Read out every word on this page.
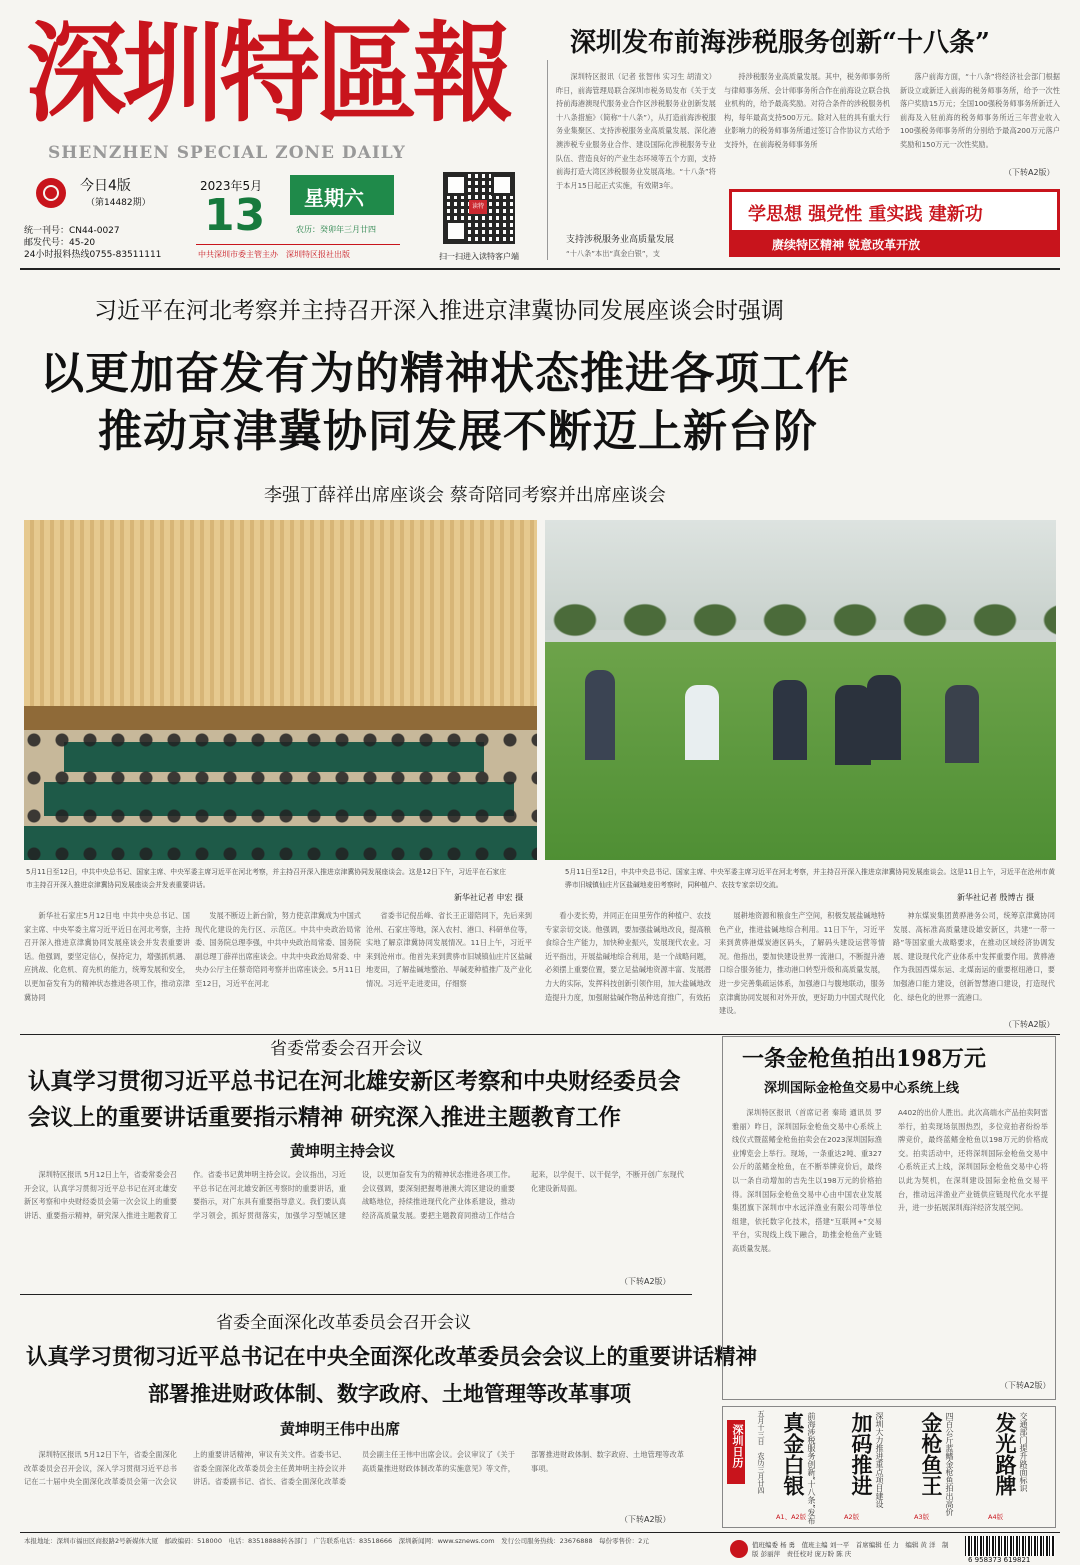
深圳特區報
SHENZHEN SPECIAL ZONE DAILY
今日4版
（第14482期）
统一刊号：CN44-0027
邮发代号：45-20
24小时报料热线0755-83511111
2023年5月
13 星期六
农历：癸卯年三月廿四
中共深圳市委主管主办　深圳特区报社出版
读特
扫一扫进入读特客户端
深圳发布前海涉税服务创新“十八条”
深圳特区报讯（记者 张智伟 实习生 胡清文）昨日，前海管理局联合深圳市税务局发布《关于支持前海港澳现代服务业合作区涉税服务业创新发展十八条措施》（简称“十八条”），从打造前海涉税服务业集聚区、支持涉税服务业高质量发展、深化港澳涉税专业服务业合作、建设国际化涉税服务专业队伍、营造良好的产业生态环境等五个方面，支持前海打造大湾区涉税服务业发展高地。“十八条”将于本月15日起正式实施，有效期3年。
支持涉税服务业高质量发展
“十八条”本出“真金白银”，支
持涉税服务业高质量发展。其中，税务师事务所与律师事务所、会计师事务所合作在前海设立联合执业机构的，给予最高奖励。对符合条件的涉税服务机构，每年最高支持500万元。除对入驻的具有重大行业影响力的税务师事务所通过签订合作协议方式给予支持外，在前海税务师事务所
落户前海方面，“十八条”将经济社会部门根据新设立或新迁入前海的税务师事务所，给予一次性落户奖励15万元；全国100强税务师事务所新迁入前海及入驻前海的税务师事务所近三年营业收入100强税务师事务所的分别给予最高200万元落户奖励和150万元一次性奖励。
（下转A2版）
学思想 强党性 重实践 建新功
赓续特区精神 锐意改革开放
习近平在河北考察并主持召开深入推进京津冀协同发展座谈会时强调
以更加奋发有为的精神状态推进各项工作
推动京津冀协同发展不断迈上新台阶
李强丁薛祥出席座谈会 蔡奇陪同考察并出席座谈会
5月11日至12日，中共中央总书记、国家主席、中央军委主席习近平在河北考察，并主持召开深入推进京津冀协同发展座谈会。这是12日下午，习近平在石家庄市主持召开深入推进京津冀协同发展座谈会并发表重要讲话。
新华社记者 申宏 摄
5月11日至12日，中共中央总书记、国家主席、中央军委主席习近平在河北考察，并主持召开深入推进京津冀协同发展座谈会。这是11日上午，习近平在沧州市黄骅市旧城镇仙庄片区盐碱地麦田考察时，同种植户、农技专家亲切交流。
新华社记者 殷博古 摄
新华社石家庄5月12日电 中共中央总书记、国家主席、中央军委主席习近平近日在河北考察，主持召开深入推进京津冀协同发展座谈会并发表重要讲话。他强调，要坚定信心，保持定力，增强抓机遇、应挑战、化危机、育先机的能力，统筹发展和安全，以更加奋发有为的精神状态推进各项工作，推动京津冀协同
发展不断迈上新台阶，努力使京津冀成为中国式现代化建设的先行区、示范区。中共中央政治局常委、国务院总理李强，中共中央政治局常委、国务院副总理丁薛祥出席座谈会。中共中央政治局常委、中央办公厅主任蔡奇陪同考察并出席座谈会。5月11日至12日，习近平在河北
省委书记倪岳峰、省长王正谱陪同下，先后来到沧州、石家庄等地，深入农村、港口、科研单位等，实地了解京津冀协同发展情况。11日上午，习近平来到沧州市。他首先来到黄骅市旧城镇仙庄片区盐碱地麦田，了解盐碱地整治、旱碱麦种植推广及产业化情况。习近平走进麦田，仔细察
看小麦长势，并同正在田里劳作的种植户、农技专家亲切交谈。他强调，要加强盐碱地改良，提高粮食综合生产能力，加快种业振兴，发展现代农业。习近平指出，开展盐碱地综合利用，是一个战略问题，必须摆上重要位置，要立足盐碱地资源丰富、发展潜力大的实际，发挥科技创新引领作用，加大盐碱地改造提升力度，加强耐盐碱作物品种选育推广，有效拓
展耕地资源和粮食生产空间，积极发展盐碱地特色产业，推进盐碱地综合利用。11日下午，习近平来到黄骅港煤炭港区码头，了解码头建设运营等情况。他指出，要加快建设世界一流港口，不断提升港口综合服务能力，推动港口转型升级和高质量发展，进一步完善集疏运体系，加强港口与腹地联动，服务京津冀协同发展和对外开放，更好助力中国式现代化建设。
神东煤炭集团黄骅港务公司，统筹京津冀协同发展、高标准高质量建设雄安新区，共建“一带一路”等国家重大战略要求，在推动区域经济协调发展、建设现代化产业体系中发挥重要作用。黄骅港作为我国西煤东运、北煤南运的重要枢纽港口，要加强港口能力建设，创新智慧港口建设，打造现代化、绿色化的世界一流港口。
（下转A2版）
省委常委会召开会议
认真学习贯彻习近平总书记在河北雄安新区考察和中央财经委员会
会议上的重要讲话重要指示精神 研究深入推进主题教育工作
黄坤明主持会议
深圳特区报讯 5月12日上午，省委常委会召开会议，认真学习贯彻习近平总书记在河北雄安新区考察和中央财经委员会第一次会议上的重要讲话、重要指示精神，研究深入推进主题教育工作。省委书记黄坤明主持会议。会议指出，习近平总书记在河北雄安新区考察时的重要讲话，重要指示，对广东具有重要指导意义。我们要认真学习领会，抓好贯彻落实，加强学习型城区建设，以更加奋发有为的精神状态推进各项工作。会议强调，要深刻把握粤港澳大湾区建设的重要战略地位，持续推进现代化产业体系建设，推动经济高质量发展。要把主题教育同推动工作结合起来，以学促干、以干促学，不断开创广东现代化建设新局面。
（下转A2版）
省委全面深化改革委员会召开会议
认真学习贯彻习近平总书记在中央全面深化改革委员会会议上的重要讲话精神
部署推进财政体制、数字政府、土地管理等改革事项
黄坤明王伟中出席
深圳特区报讯 5月12日下午，省委全面深化改革委员会召开会议，深入学习贯彻习近平总书记在二十届中央全面深化改革委员会第一次会议上的重要讲话精神，审议有关文件。省委书记、省委全面深化改革委员会主任黄坤明主持会议并讲话。省委副书记、省长、省委全面深化改革委员会副主任王伟中出席会议。会议审议了《关于高质量推进财政体制改革的实施意见》等文件，部署推进财政体制、数字政府、土地管理等改革事项。
（下转A2版）
一条金枪鱼拍出198万元
深圳国际金枪鱼交易中心系统上线
深圳特区报讯（首席记者 秦琦 通讯员 罗雅丽）昨日，深圳国际金枪鱼交易中心系统上线仪式暨蓝鳍金枪鱼拍卖会在2023深圳国际渔业博览会上举行。现场，一条重达2吨、重327公斤的蓝鳍金枪鱼，在不断举牌竞价后，最终以一条自动增加的吉先生以198万元的价格拍得。深圳国际金枪鱼交易中心由中国农业发展集团旗下深圳市中水远洋渔业有限公司等单位组建，依托数字化技术，搭建“互联网+”交易平台，实现线上线下融合，助推金枪鱼产业链高质量发展。
A402的出价人胜出。此次高端水产品拍卖阿雷举行，拍卖现场氛围热烈，多位竞拍者纷纷举牌竞价，最终蓝鳍金枪鱼以198万元的价格成交。拍卖活动中，还将深圳国际金枪鱼交易中心系统正式上线，深圳国际金枪鱼交易中心将以此为契机，在深圳建设国际金枪鱼交易平台，推动远洋渔业产业链供应链现代化水平提升，进一步拓展深圳海洋经济发展空间。
（下转A2版）
深圳日历 五月十三日　农历三月廿四	前海涉税服务创新“十八条”发布
真金白银
A1、A2版
深圳大力推进重点项目建设
加码推进
A2版
四百公斤蓝鳍金枪鱼拍出高价
金枪鱼王
A3版
交通部门提升路面标识
发光路牌
A4版
本报地址：深圳市福田区商报路2号新媒体大厦　邮政编码：518000　电话：83518888转各部门　广告联系电话：83518666　深圳新闻网：www.sznews.com　发行公司服务热线：23676888　每份零售价：2元	值班编委 杨 勇　值班主编 刘一平　首席编辑 任 力　编辑 黄 洋　制版 彭丽萍　责任校对 庞万盼 陈 庆
6 958373 619821
